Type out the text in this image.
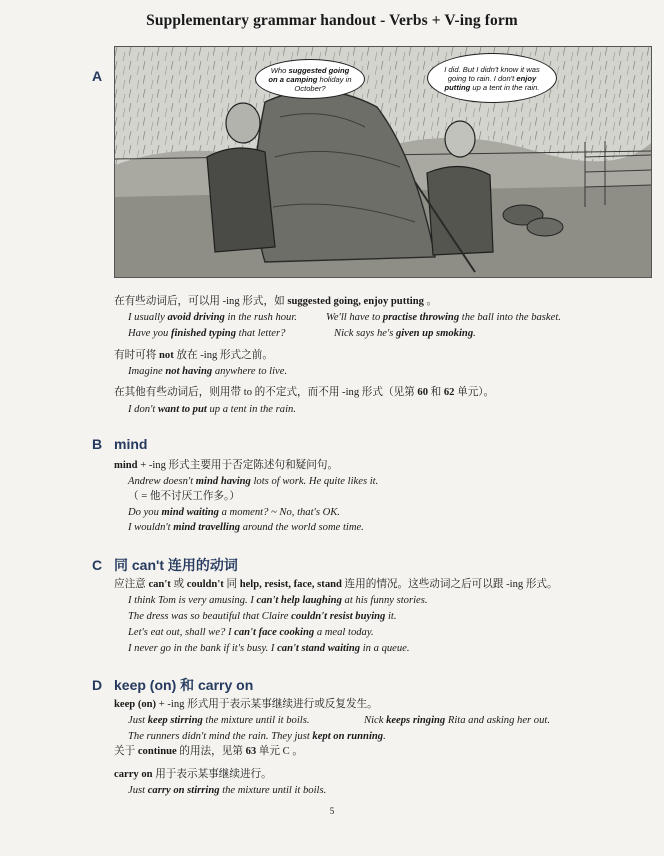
Supplementary grammar handout - Verbs + V-ing form
A	Who suggested going on a camping holiday in October?
I did. But I didn't know it was going to rain. I don't enjoy putting up a tent in the rain.
在有些动词后，可以用 -ing 形式，如 suggested going, enjoy putting 。
I usually avoid driving in the rush hour.	We'll have to practise throwing the ball into the basket.
Have you finished typing that letter?	Nick says he's given up smoking.
有时可将 not 放在 -ing 形式之前。
Imagine not having anywhere to live.
在其他有些动词后，则用带 to 的不定式，而不用 -ing 形式（见第 60 和 62 单元）。
I don't want to put up a tent in the rain.
B mind
mind + -ing 形式主要用于否定陈述句和疑问句。
Andrew doesn't mind having lots of work. He quite likes it.
（ = 他不讨厌工作多。）
Do you mind waiting a moment? ~ No, that's OK.
I wouldn't mind travelling around the world some time.
C 同 can't 连用的动词
应注意 can't 或 couldn't 同 help, resist, face, stand 连用的情况。这些动词之后可以跟 -ing 形式。
I think Tom is very amusing. I can't help laughing at his funny stories.
The dress was so beautiful that Claire couldn't resist buying it.
Let's eat out, shall we? I can't face cooking a meal today.
I never go in the bank if it's busy. I can't stand waiting in a queue.
D keep (on) 和 carry on
keep (on) + -ing 形式用于表示某事继续进行或反复发生。
Just keep stirring the mixture until it boils.	Nick keeps ringing Rita and asking her out.
The runners didn't mind the rain. They just kept on running.
关于 continue 的用法，见第 63 单元 C 。
carry on 用于表示某事继续进行。
Just carry on stirring the mixture until it boils.
5
